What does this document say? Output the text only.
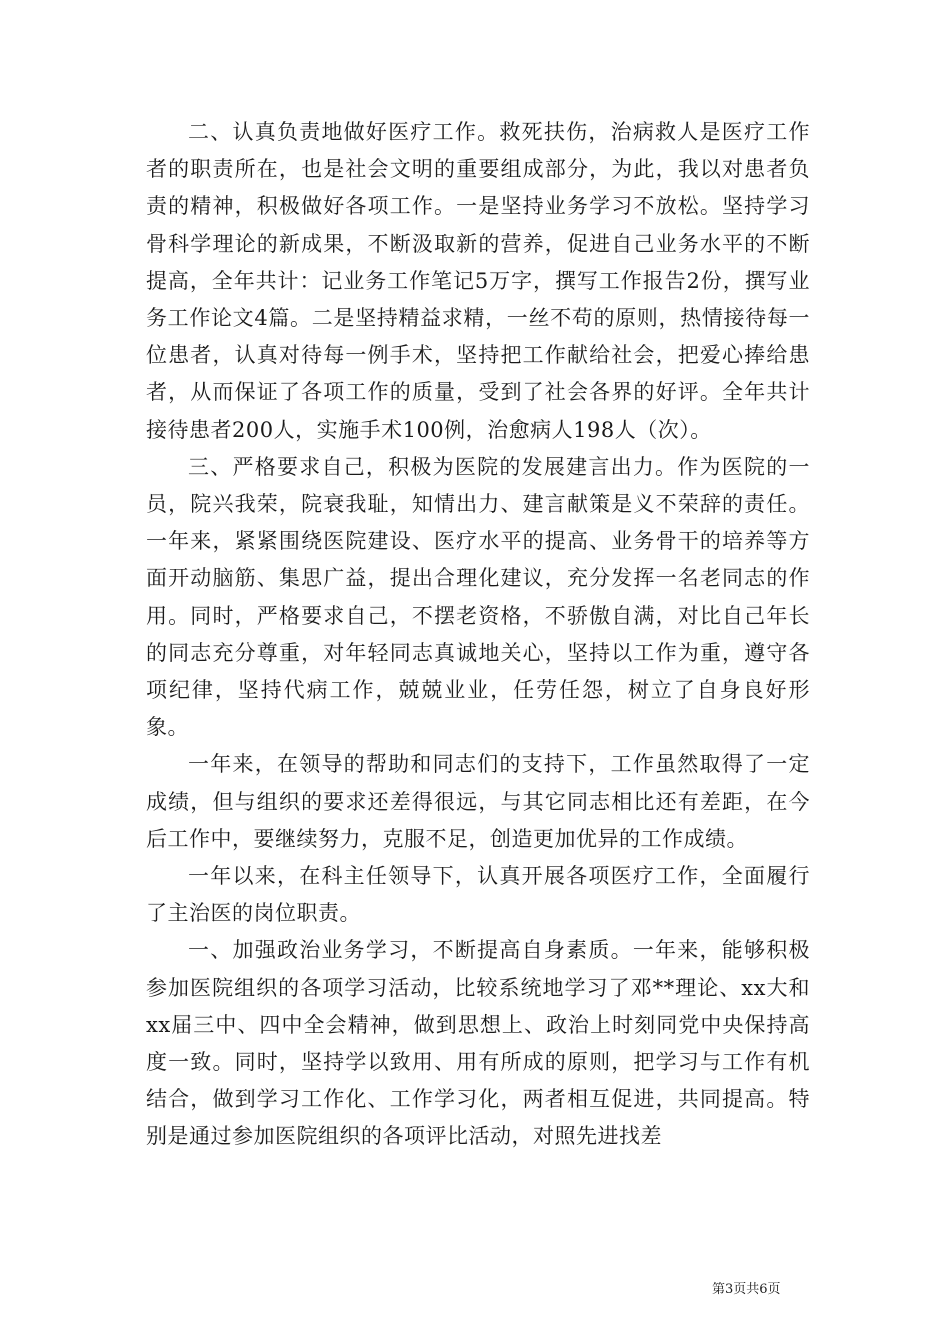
二、认真负责地做好医疗工作。救死扶伤，治病救人是医疗工作者的职责所在，也是社会文明的重要组成部分，为此，我以对患者负责的精神，积极做好各项工作。一是坚持业务学习不放松。坚持学习骨科学理论的新成果，不断汲取新的营养，促进自己业务水平的不断提高，全年共计：记业务工作笔记5万字，撰写工作报告2份，撰写业务工作论文4篇。二是坚持精益求精，一丝不苟的原则，热情接待每一位患者，认真对待每一例手术，坚持把工作献给社会，把爱心捧给患者，从而保证了各项工作的质量，受到了社会各界的好评。全年共计接待患者200人，实施手术100例，治愈病人198人（次）。

三、严格要求自己，积极为医院的发展建言出力。作为医院的一员，院兴我荣，院衰我耻，知情出力、建言献策是义不荣辞的责任。一年来，紧紧围绕医院建设、医疗水平的提高、业务骨干的培养等方面开动脑筋、集思广益，提出合理化建议，充分发挥一名老同志的作用。同时，严格要求自己，不摆老资格，不骄傲自满，对比自己年长的同志充分尊重，对年轻同志真诚地关心，坚持以工作为重，遵守各项纪律，坚持代病工作，兢兢业业，任劳任怨，树立了自身良好形象。

一年来，在领导的帮助和同志们的支持下，工作虽然取得了一定成绩，但与组织的要求还差得很远，与其它同志相比还有差距，在今后工作中，要继续努力，克服不足，创造更加优异的工作成绩。

一年以来，在科主任领导下，认真开展各项医疗工作，全面履行了主治医的岗位职责。

一、加强政治业务学习，不断提高自身素质。一年来，能够积极参加医院组织的各项学习活动，比较系统地学习了邓**理论、xx大和xx届三中、四中全会精神，做到思想上、政治上时刻同党中央保持高度一致。同时，坚持学以致用、用有所成的原则，把学习与工作有机结合，做到学习工作化、工作学习化，两者相互促进，共同提高。特别是通过参加医院组织的各项评比活动，对照先进找差

第3页共6页
